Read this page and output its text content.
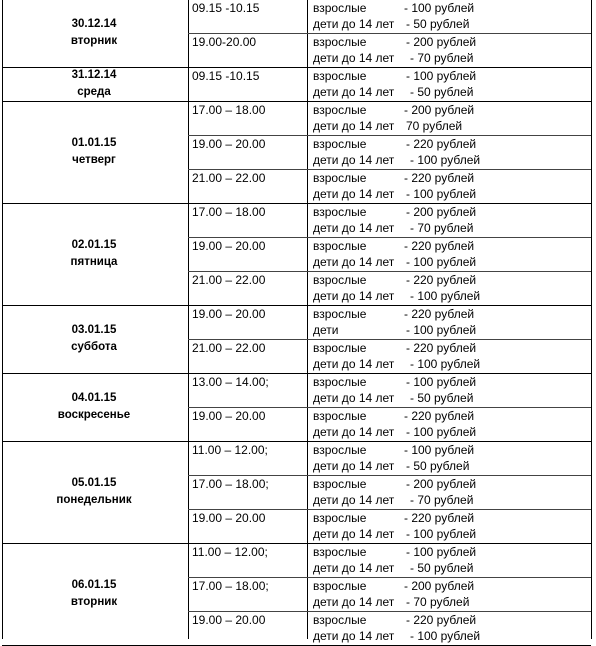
30.12.14
вторник
09.15 -10.15	взрослые	- 100 рублей
дети до 14 лет - 50 рублей
19.00-20.00	взрослые	- 200 рублей
дети до 14 лет - 70 рублей
31.12.14
среда
09.15 -10.15	взрослые	- 100 рублей
дети до 14 лет - 50 рублей
01.01.15
четверг
17.00 – 18.00	взрослые	- 200 рублей
дети до 14 лет 70 рублей
19.00 – 20.00	взрослые	- 220 рублей
дети до 14 лет - 100 рублей
21.00 – 22.00	взрослые	- 220 рублей
дети до 14 лет - 100 рублей
02.01.15
пятница
17.00 – 18.00	взрослые	- 200 рублей
дети до 14 лет - 70 рублей
19.00 – 20.00	взрослые	- 220 рублей
дети до 14 лет - 100 рублей
21.00 – 22.00	взрослые	- 220 рублей
дети до 14 лет - 100 рублей
03.01.15
суббота
19.00 – 20.00	взрослые	- 220 рублей
дети	- 100 рублей
21.00 – 22.00	взрослые	- 220 рублей
дети до 14 лет - 100 рублей
04.01.15
воскресенье
13.00 – 14.00;	взрослые	- 100 рублей
дети до 14 лет - 50 рублей
19.00 – 20.00	взрослые	- 220 рублей
дети до 14 лет - 100 рублей
05.01.15
понедельник
11.00 – 12.00;	взрослые	- 100 рублей
дети до 14 лет - 50 рублей
17.00 – 18.00;	взрослые	- 200 рублей
дети до 14 лет - 70 рублей
19.00 – 20.00	взрослые	- 220 рублей
дети до 14 лет - 100 рублей
06.01.15
вторник
11.00 – 12.00;	взрослые	- 100 рублей
дети до 14 лет - 50 рублей
17.00 – 18.00;	взрослые	- 200 рублей
дети до 14 лет - 70 рублей
19.00 – 20.00	взрослые	- 220 рублей
дети до 14 лет - 100 рублей
